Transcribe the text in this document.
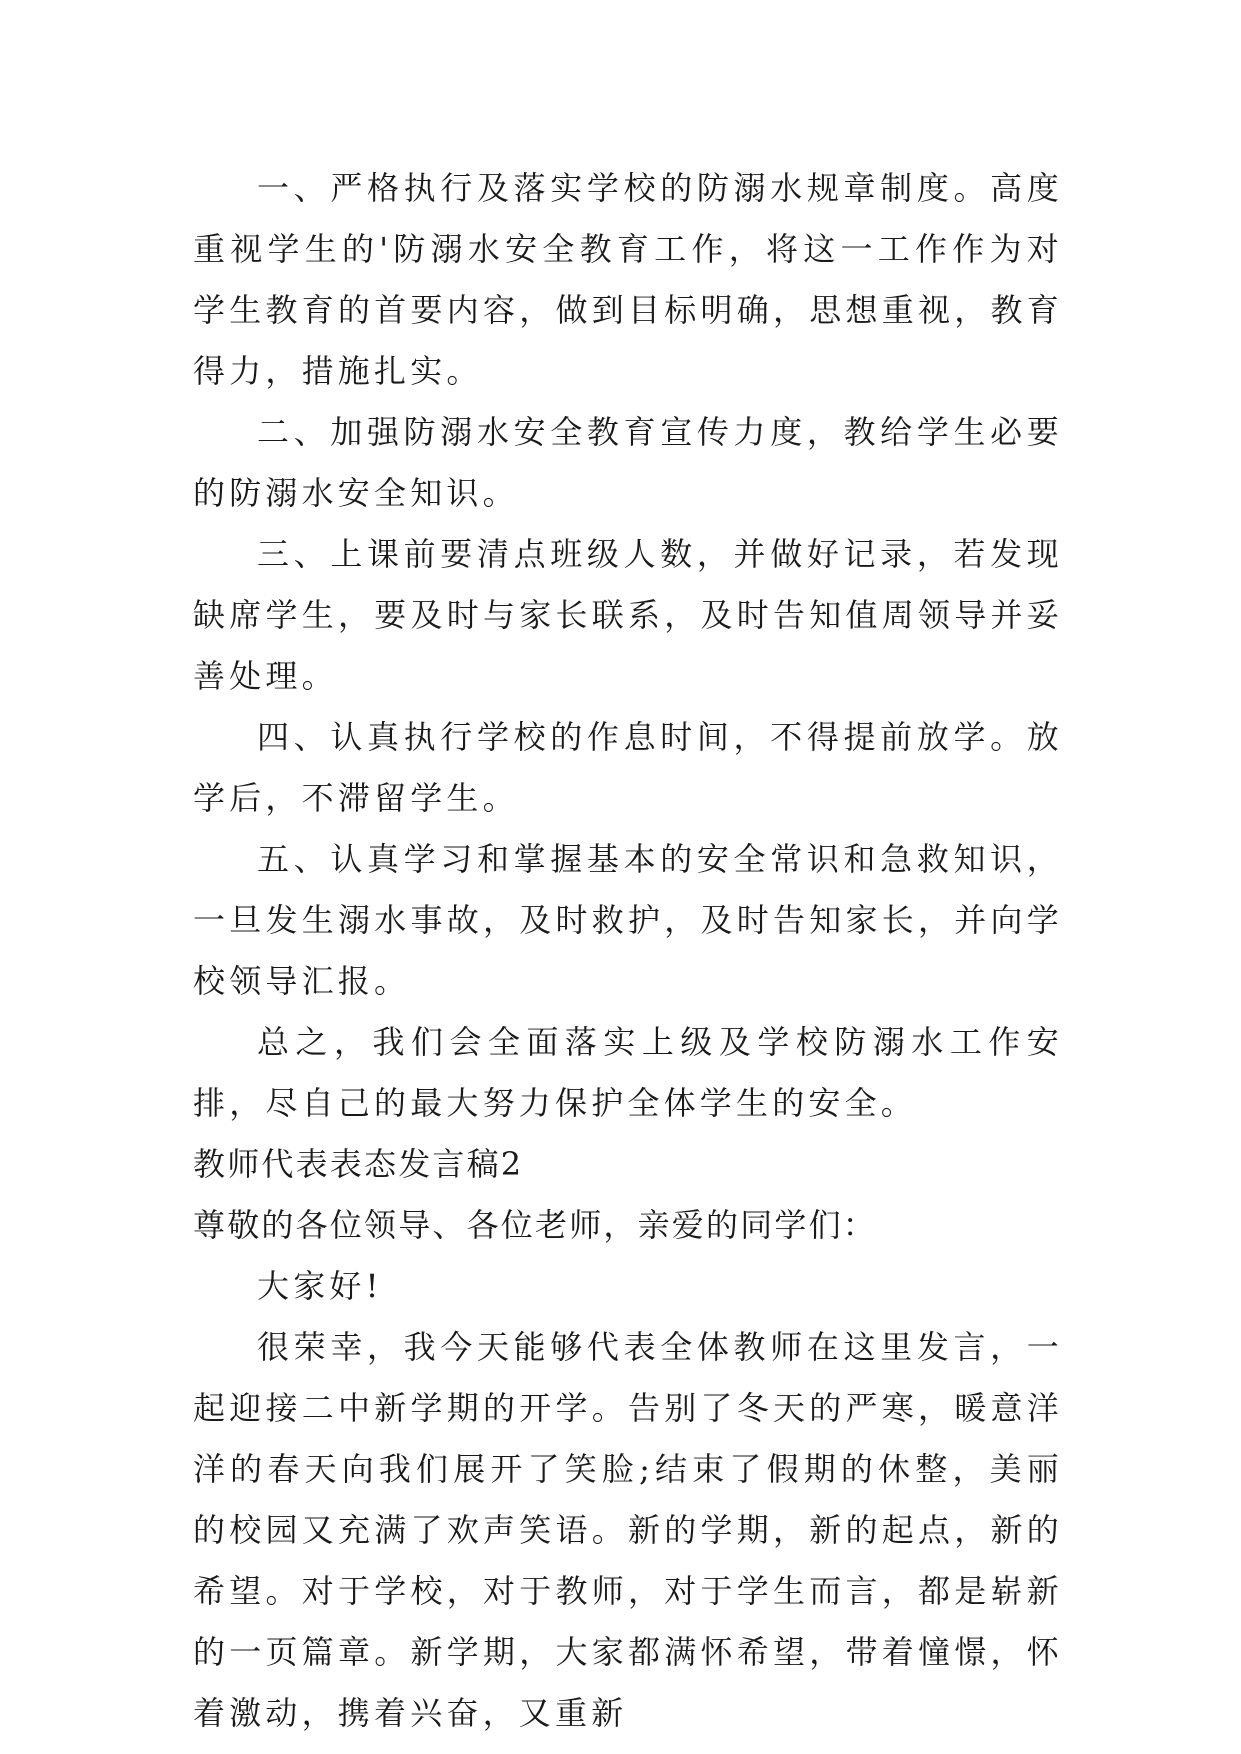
一、严格执行及落实学校的防溺水规章制度。高度重视学生的'防溺水安全教育工作，将这一工作作为对学生教育的首要内容，做到目标明确，思想重视，教育得力，措施扎实。

二、加强防溺水安全教育宣传力度，教给学生必要的防溺水安全知识。

三、上课前要清点班级人数，并做好记录，若发现缺席学生，要及时与家长联系，及时告知值周领导并妥善处理。

四、认真执行学校的作息时间，不得提前放学。放学后，不滞留学生。

五、认真学习和掌握基本的安全常识和急救知识，一旦发生溺水事故，及时救护，及时告知家长，并向学校领导汇报。

总之，我们会全面落实上级及学校防溺水工作安排，尽自己的最大努力保护全体学生的安全。

教师代表表态发言稿2

尊敬的各位领导、各位老师，亲爱的同学们：

大家好!

很荣幸，我今天能够代表全体教师在这里发言，一起迎接二中新学期的开学。告别了冬天的严寒，暖意洋洋的春天向我们展开了笑脸;结束了假期的休整，美丽的校园又充满了欢声笑语。新的学期，新的起点，新的希望。对于学校，对于教师，对于学生而言，都是崭新的一页篇章。新学期，大家都满怀希望，带着憧憬，怀着激动，携着兴奋，又重新
